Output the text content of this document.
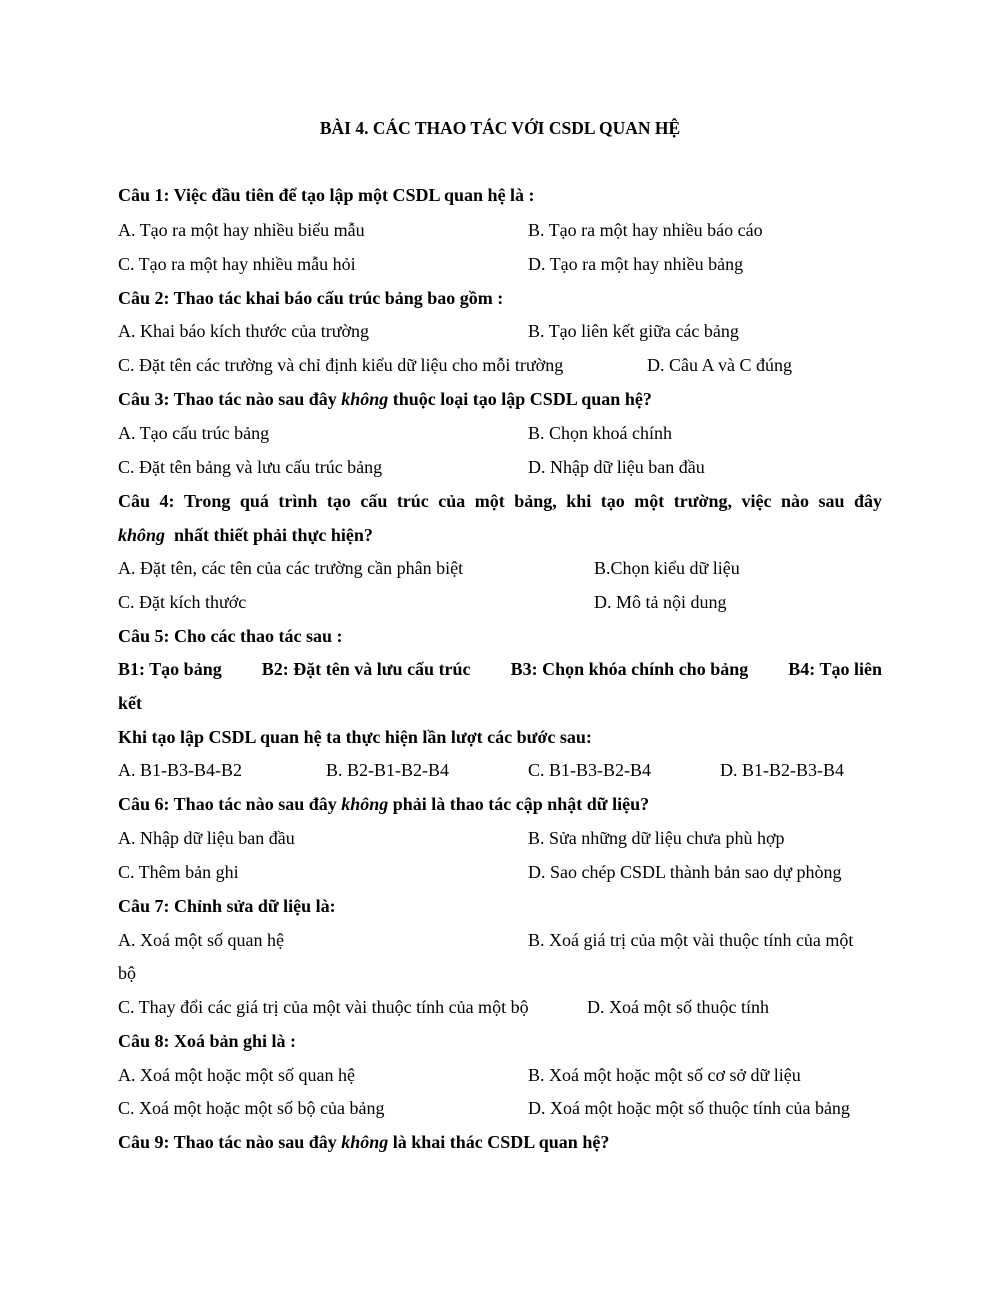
BÀI 4. CÁC THAO TÁC VỚI CSDL QUAN HỆ
Câu 1: Việc đầu tiên để tạo lập một CSDL quan hệ là :
A. Tạo ra một hay nhiều biểu mẫu	B. Tạo ra một hay nhiều báo cáo
C. Tạo ra một hay nhiều mẫu hỏi	D. Tạo ra một hay nhiều bảng
Câu 2: Thao tác khai báo cấu trúc bảng bao gồm :
A. Khai báo kích thước của trường	B. Tạo liên kết giữa các bảng
C. Đặt tên các trường và chỉ định kiểu dữ liệu cho mỗi trường	D. Câu A và C đúng
Câu 3: Thao tác nào sau đây không thuộc loại tạo lập CSDL quan hệ?
A. Tạo cấu trúc bảng	B. Chọn khoá chính
C. Đặt tên bảng và lưu cấu trúc bảng	D. Nhập dữ liệu ban đầu
Câu 4: Trong quá trình tạo cấu trúc của một bảng, khi tạo một trường, việc nào sau đây
không  nhất thiết phải thực hiện?
A. Đặt tên, các tên của các trường cần phân biệt	B.Chọn kiểu dữ liệu
C. Đặt kích thước	D. Mô tả nội dung
Câu 5: Cho các thao tác sau :
B1: Tạo bảng B2: Đặt tên và lưu cấu trúc B3: Chọn khóa chính cho bảng B4: Tạo liên
kết
Khi tạo lập CSDL quan hệ ta thực hiện lần lượt các bước sau:
A. B1-B3-B4-B2	B. B2-B1-B2-B4	C. B1-B3-B2-B4	D. B1-B2-B3-B4
Câu 6: Thao tác nào sau đây không phải là thao tác cập nhật dữ liệu?
A. Nhập dữ liệu ban đầu	B. Sửa những dữ liệu chưa phù hợp
C. Thêm bản ghi	D. Sao chép CSDL thành bản sao dự phòng
Câu 7: Chỉnh sửa dữ liệu là:
A. Xoá một số quan hệ	B. Xoá giá trị của một vài thuộc tính của một
bộ
C. Thay đổi các giá trị của một vài thuộc tính của một bộ	D. Xoá một số thuộc tính
Câu 8: Xoá bản ghi là :
A. Xoá một hoặc một số quan hệ	B. Xoá một hoặc một số cơ sở dữ liệu
C. Xoá một hoặc một số bộ của bảng	D. Xoá một hoặc một số thuộc tính của bảng
Câu 9: Thao tác nào sau đây không là khai thác CSDL quan hệ?
